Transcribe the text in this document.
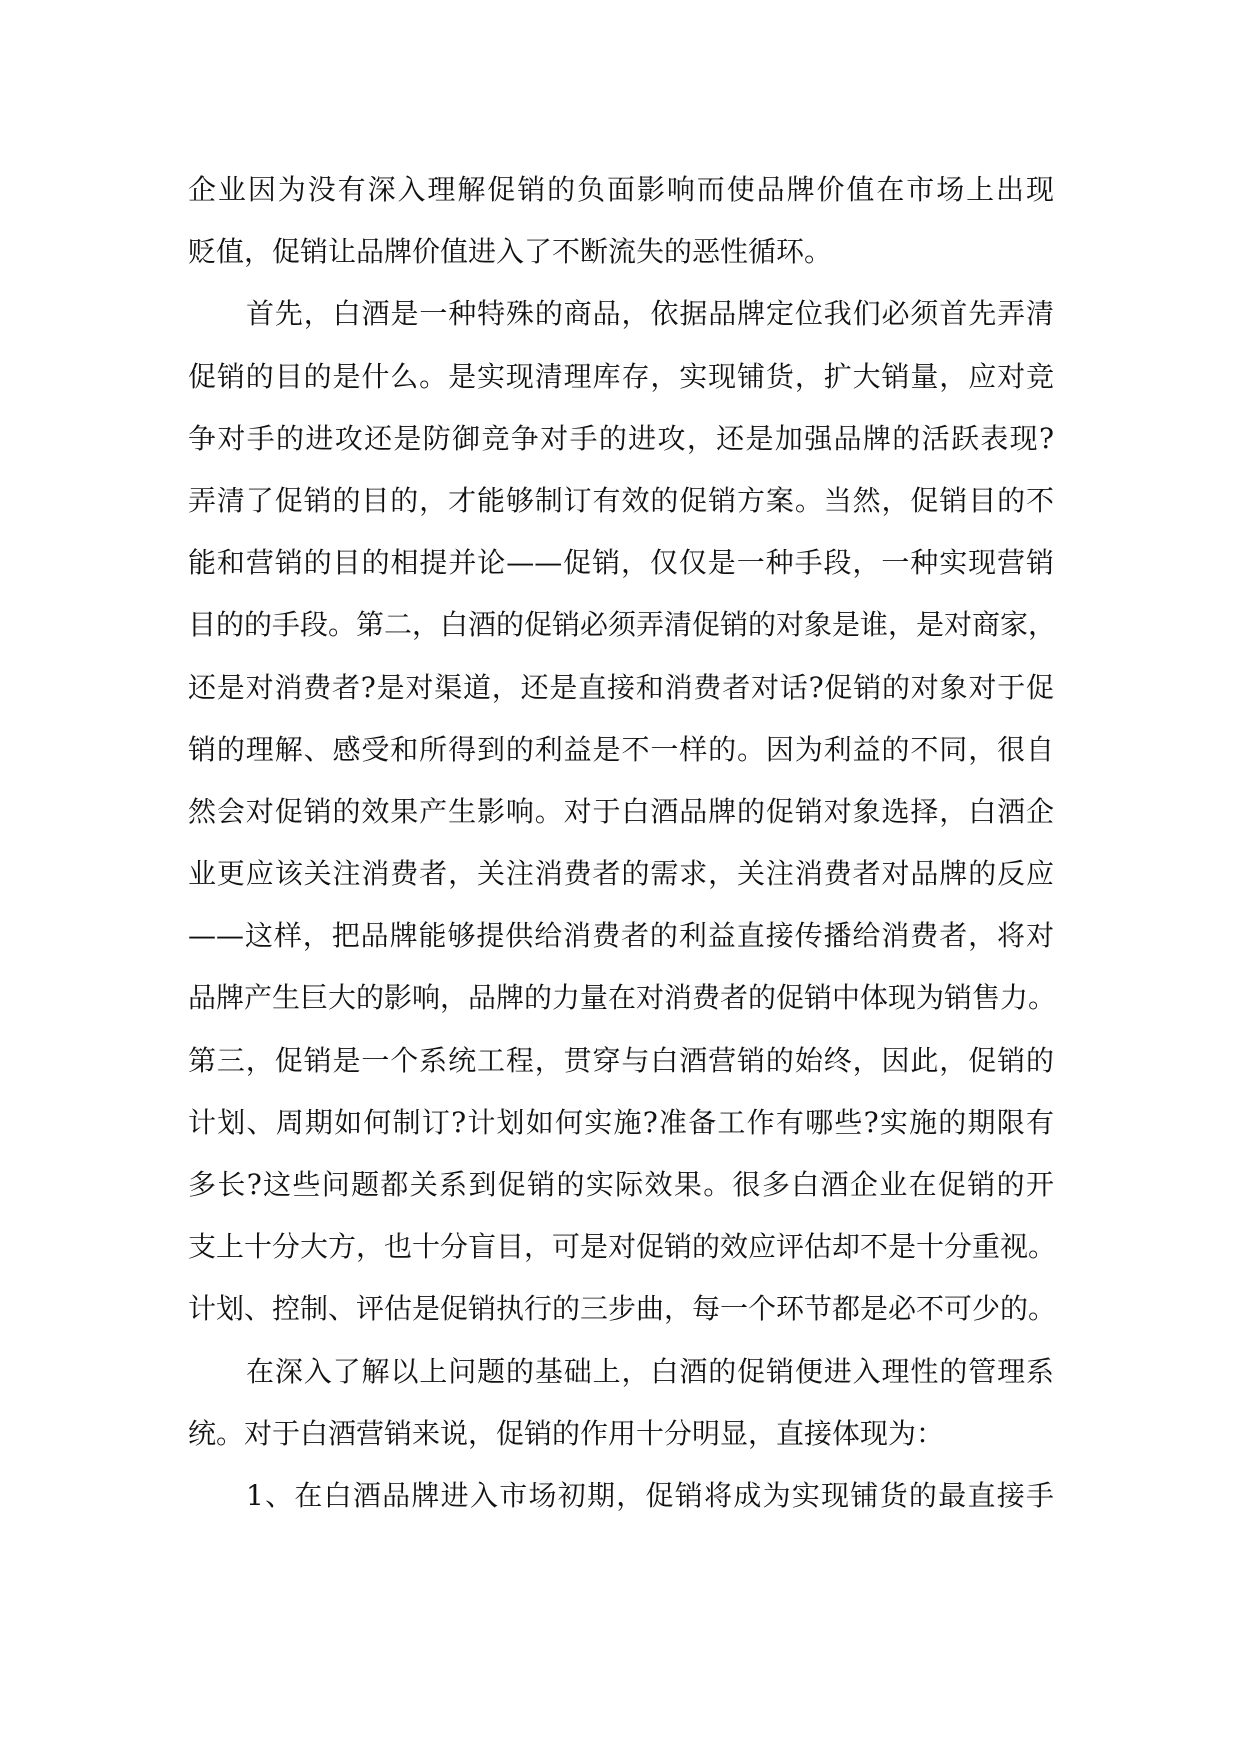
企业因为没有深入理解促销的负面影响而使品牌价值在市场上出现
贬值，促销让品牌价值进入了不断流失的恶性循环。
首先，白酒是一种特殊的商品，依据品牌定位我们必须首先弄清
促销的目的是什么。是实现清理库存，实现铺货，扩大销量，应对竞
争对手的进攻还是防御竞争对手的进攻，还是加强品牌的活跃表现?
弄清了促销的目的，才能够制订有效的促销方案。当然，促销目的不
能和营销的目的相提并论——促销，仅仅是一种手段，一种实现营销
目的的手段。第二，白酒的促销必须弄清促销的对象是谁，是对商家，
还是对消费者?是对渠道，还是直接和消费者对话?促销的对象对于促
销的理解、感受和所得到的利益是不一样的。因为利益的不同，很自
然会对促销的效果产生影响。对于白酒品牌的促销对象选择，白酒企
业更应该关注消费者，关注消费者的需求，关注消费者对品牌的反应
——这样，把品牌能够提供给消费者的利益直接传播给消费者，将对
品牌产生巨大的影响，品牌的力量在对消费者的促销中体现为销售力。
第三，促销是一个系统工程，贯穿与白酒营销的始终，因此，促销的
计划、周期如何制订?计划如何实施?准备工作有哪些?实施的期限有
多长?这些问题都关系到促销的实际效果。很多白酒企业在促销的开
支上十分大方，也十分盲目，可是对促销的效应评估却不是十分重视。
计划、控制、评估是促销执行的三步曲，每一个环节都是必不可少的。
在深入了解以上问题的基础上，白酒的促销便进入理性的管理系
统。对于白酒营销来说，促销的作用十分明显，直接体现为：
1、在白酒品牌进入市场初期，促销将成为实现铺货的最直接手
